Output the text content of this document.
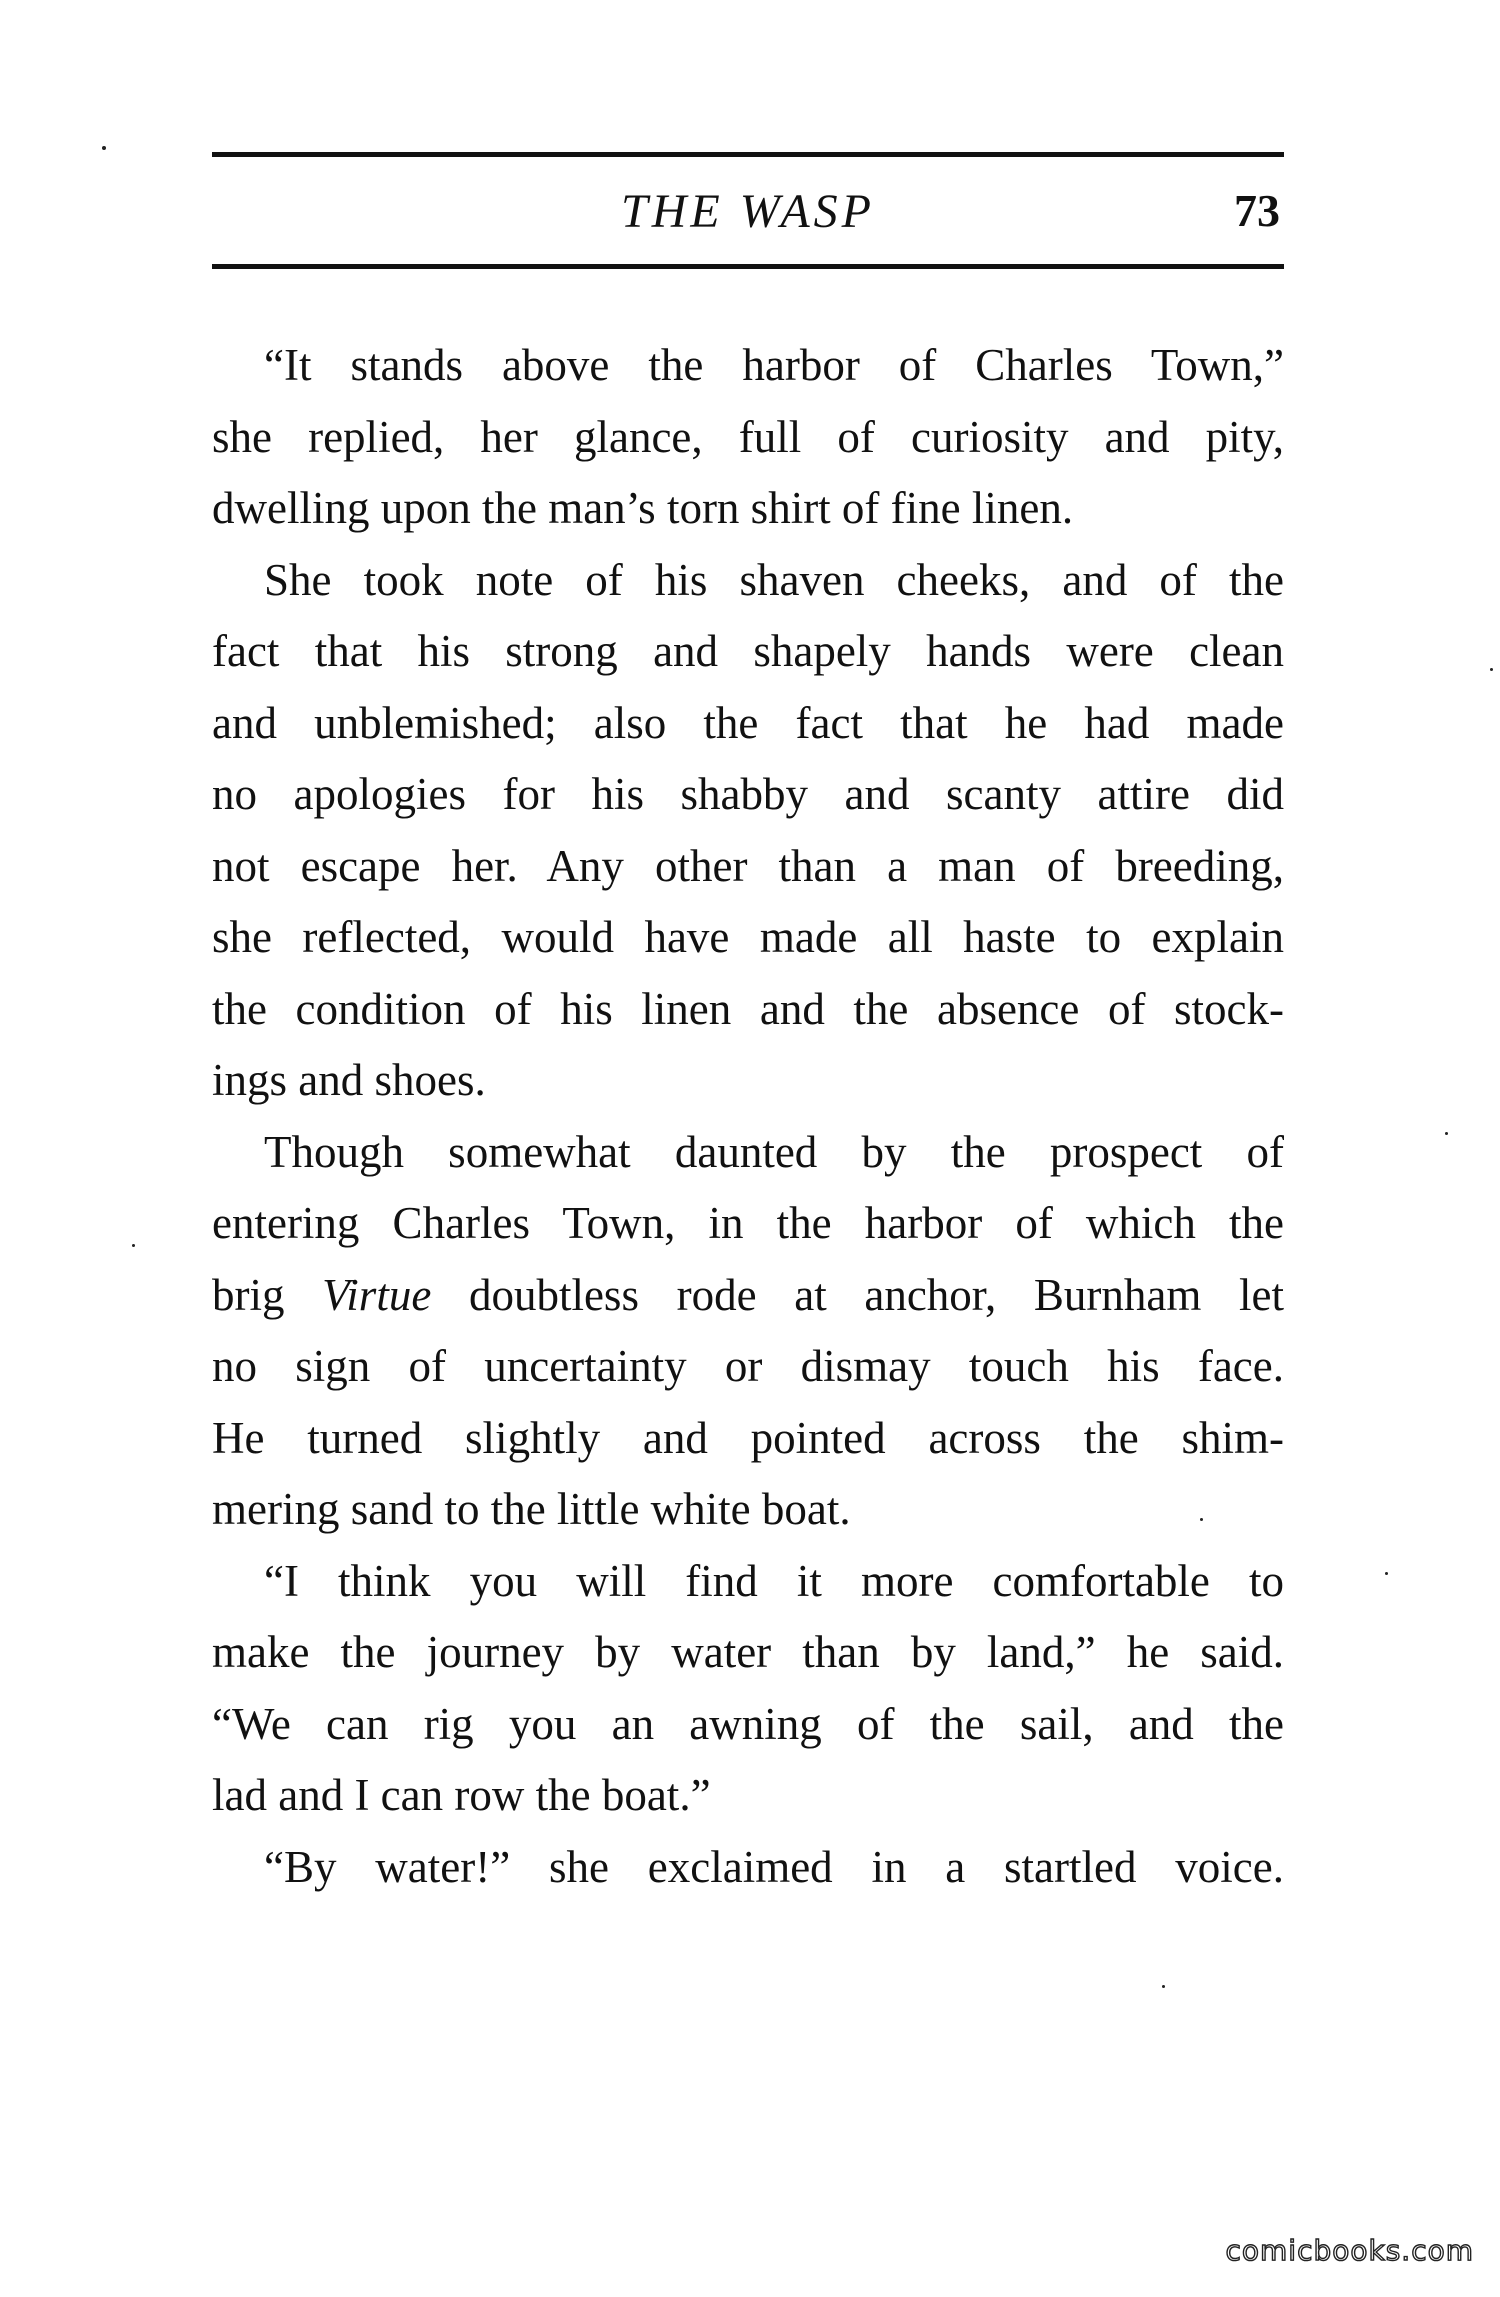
THE WASP	73
“It stands above the harbor of Charles Town,”
she replied, her glance, full of curiosity and pity,
dwelling upon the man’s torn shirt of fine linen.
She took note of his shaven cheeks, and of the
fact that his strong and shapely hands were clean
and unblemished; also the fact that he had made
no apologies for his shabby and scanty attire did
not escape her. Any other than a man of breeding,
she reflected, would have made all haste to explain
the condition of his linen and the absence of stock-
ings and shoes.
Though somewhat daunted by the prospect of
entering Charles Town, in the harbor of which the
brig Virtue doubtless rode at anchor, Burnham let
no sign of uncertainty or dismay touch his face.
He turned slightly and pointed across the shim-
mering sand to the little white boat.
“I think you will find it more comfortable to
make the journey by water than by land,” he said.
“We can rig you an awning of the sail, and the
lad and I can row the boat.”
“By water!” she exclaimed in a startled voice.
comicbooks.com
